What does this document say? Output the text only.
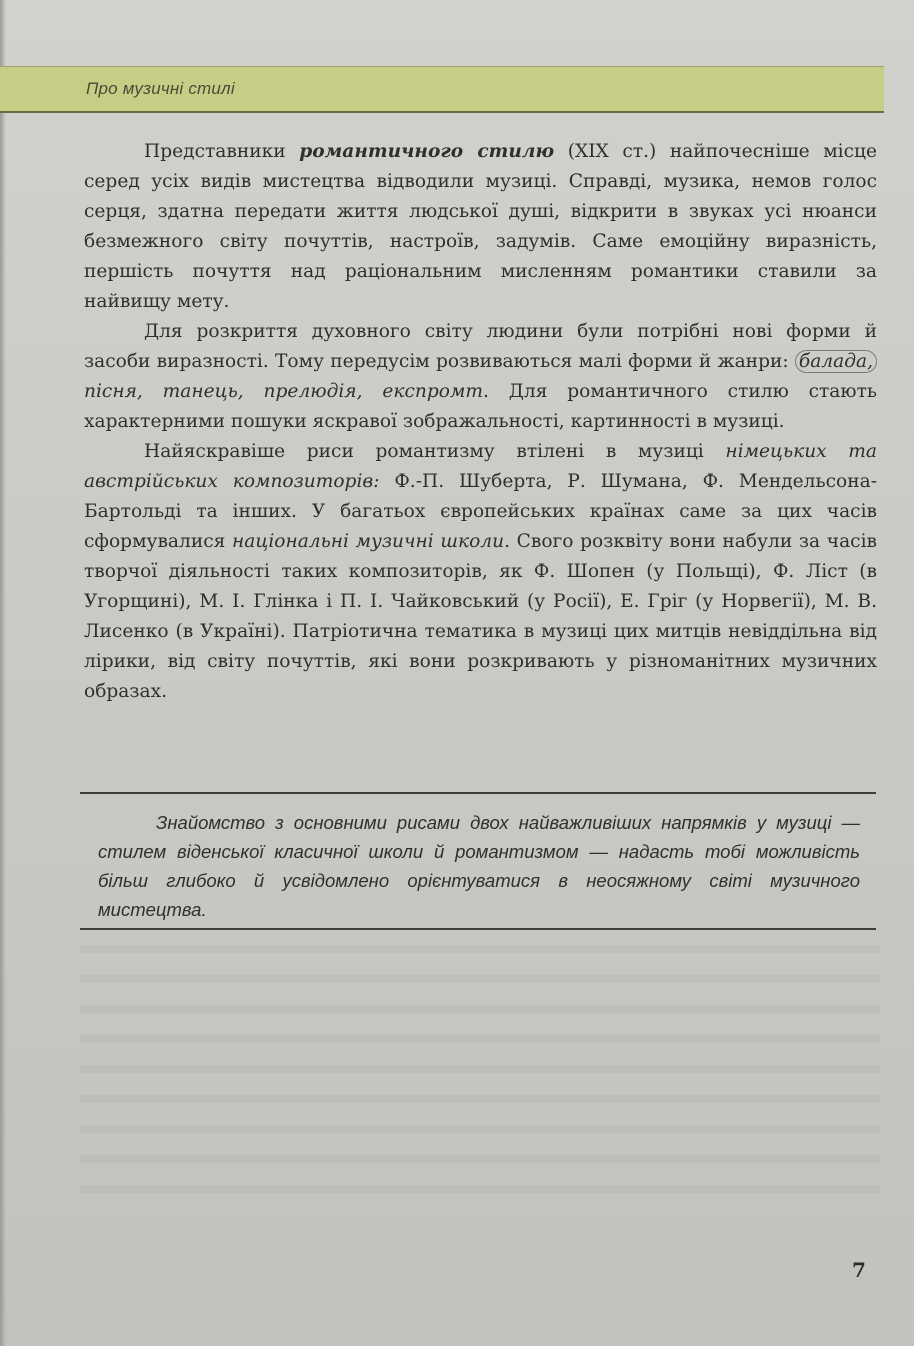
Про музичні стилі

Представники романтичного стилю (XIX ст.) найпочесніше місце серед усіх видів мистецтва відводили музиці. Справді, музика, немов голос серця, здатна передати життя людської душі, відкрити в звуках усі нюанси безмежного світу почуттів, настроїв, задумів. Саме емоційну виразність, першість почуття над раціональним мисленням романтики ставили за найвищу мету.

Для розкриття духовного світу людини були потрібні нові форми й засоби виразності. Тому передусім розвиваються малі форми й жанри: балада, пісня, танець, прелюдія, експромт. Для романтичного стилю стають характерними пошуки яскравої зображальності, картинності в музиці.

Найяскравіше риси романтизму втілені в музиці німецьких та австрійських композиторів: Ф.-П. Шуберта, Р. Шумана, Ф. Мендельсона-Бартольді та інших. У багатьох європейських країнах саме за цих часів сформувалися національні музичні школи. Свого розквіту вони набули за часів творчої діяльності таких композиторів, як Ф. Шопен (у Польщі), Ф. Ліст (в Угорщині), М. І. Глінка і П. І. Чайковський (у Росії), Е. Гріг (у Норвегії), М. В. Лисенко (в Україні). Патріотична тематика в музиці цих митців невіддільна від лірики, від світу почуттів, які вони розкривають у різноманітних музичних образах.

Знайомство з основними рисами двох найважливіших напрямків у музиці — стилем віденської класичної школи й романтизмом — надасть тобі можливість більш глибоко й усвідомлено орієнтуватися в неосяжному світі музичного мистецтва.

7
